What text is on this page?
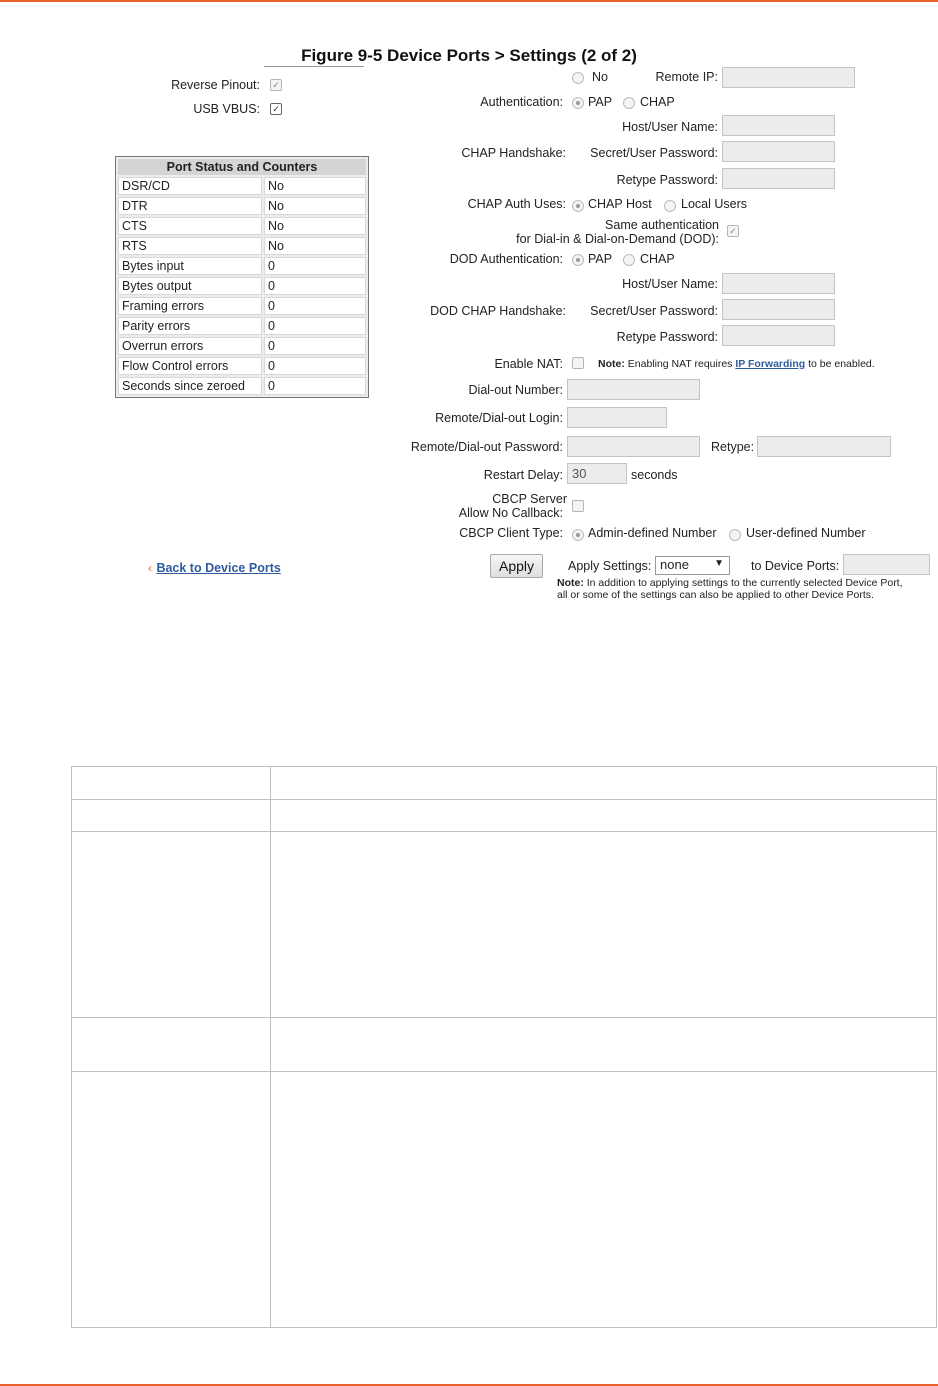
Figure 9-5 Device Ports > Settings (2 of 2)
Reverse Pinout: ✓
USB VBUS: ✓
Port Status and Counters	
DSR/CD	No
DTR	No
CTS	No
RTS	No
Bytes input	0
Bytes output	0
Framing errors	0
Parity errors	0
Overrun errors	0
Flow Control errors	0
Seconds since zeroed	0
‹ Back to Device Ports
No	Remote IP:
Authentication: PAP CHAP
Host/User Name:
CHAP Handshake:	Secret/User Password:
Retype Password:
CHAP Auth Uses: CHAP Host Local Users
Same authentication
for Dial-in & Dial-on-Demand (DOD):
✓
DOD Authentication: PAP CHAP
Host/User Name:
DOD CHAP Handshake:	Secret/User Password:
Retype Password:
Enable NAT:	Note: Enabling NAT requires IP Forwarding to be enabled.
Dial-out Number:
Remote/Dial-out Login:
Remote/Dial-out Password:	Retype:
Restart Delay: 30	seconds
CBCP Server
Allow No Callback:
CBCP Client Type: Admin-defined Number User-defined Number
Apply	Apply Settings: none	▼ to Device Ports:
Note: In addition to applying settings to the currently selected Device Port,
all or some of the settings can also be applied to other Device Ports.
